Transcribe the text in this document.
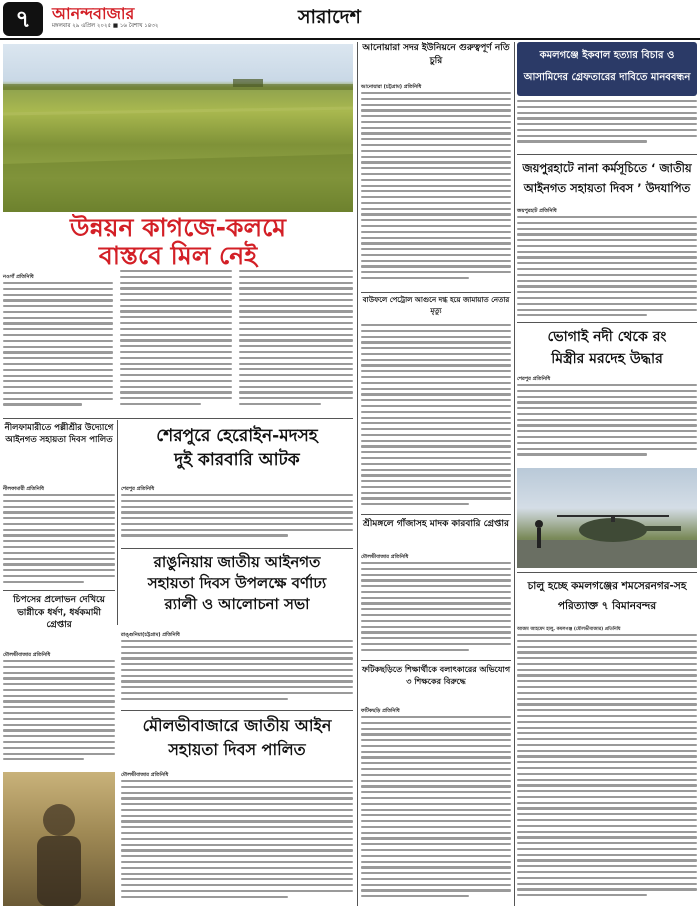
৭	আনন্দবাজার
মঙ্গলবার ২৯ এপ্রিল ২০২৫ ■ ১৬ বৈশাখ ১৪৩২	সারাদেশ
উন্নয়ন কাগজে-কলমে
বাস্তবে মিল নেই
নওগাঁ প্রতিনিধি
নীলফামারীতে পল্লীশ্রীর উদ্যোগে আইনগত সহায়তা দিবস পালিত
নীলফামারী প্রতিনিধি
শেরপুরে হেরোইন-মদসহ
দুই কারবারি আটক
শেরপুর প্রতিনিধি
চিপসের প্রলোভন দেখিয়ে ভাগ্নীকে ধর্ষণ, ধর্ষকমামী গ্রেপ্তার
মৌলভীবাজার প্রতিনিধি
রাঙুনিয়ায় জাতীয় আইনগত
সহায়তা দিবস উপলক্ষে বর্ণাঢ্য
র‌্যালী ও আলোচনা সভা
রাঙ্গুনিয়া(চট্টগ্রাম) প্রতিনিধি
মৌলভীবাজারে জাতীয় আইন
সহায়তা দিবস পালিত
মৌলভীবাজার প্রতিনিধি
আনোয়ারা সদর ইউনিয়নে গুরুত্বপূর্ণ নতি চুরি
আনোয়ারা (চট্টগ্রাম) প্রতিনিধি
বাউফলে পেট্রোল আগুনে দগ্ধ হয়ে জামায়াত নেতার মৃত্যু
শ্রীমঙ্গলে গাঁজাসহ মাদক কারবারি গ্রেপ্তার
মৌলভীবাজার প্রতিনিধি
ফটিকছড়িতে শিক্ষার্থীকে বলাৎকারের অভিযোগ ৩ শিক্ষকের বিরুদ্ধে
ফটিকছড়ি প্রতিনিধি
কমলগঞ্জে ইকবাল হত্যার বিচার ও
আসামিদের গ্রেফতারের দাবিতে মানববন্ধন
জয়পুরহাটে নানা কর্মসূচিতে ‘ জাতীয়
আইনগত সহায়তা দিবস ’ উদযাপিত
জয়পুরহাট প্রতিনিধি
ভোগাই নদী থেকে রং
মিস্ত্রীর মরদেহ উদ্ধার
শেরপুর প্রতিনিধি
চালু হচ্ছে কমলগঞ্জের শমসেরনগর-সহ
পরিত্যাক্ত ৭ বিমানবন্দর
আজম আহমেদ হালু, কমলগঞ্জ (মৌলভীবাজার) প্রতিনিধি
